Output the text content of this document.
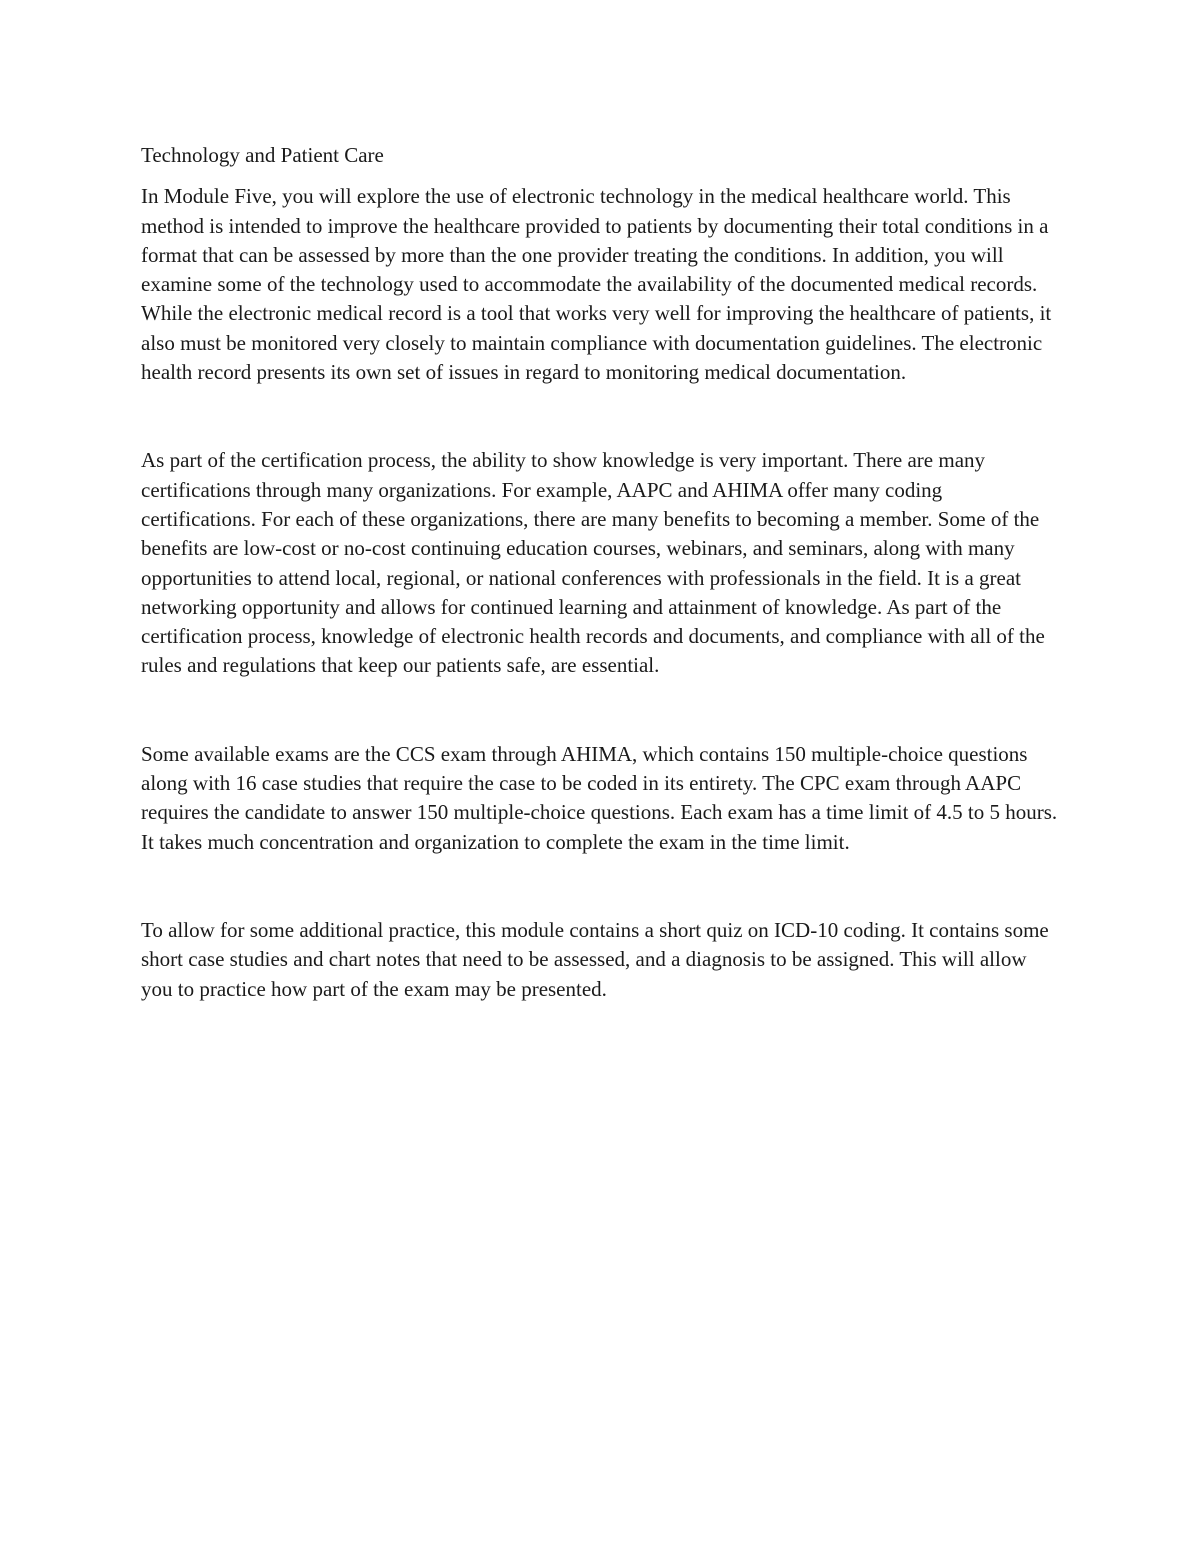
Technology and Patient Care

In Module Five, you will explore the use of electronic technology in the medical healthcare world. This method is intended to improve the healthcare provided to patients by documenting their total conditions in a format that can be assessed by more than the one provider treating the conditions. In addition, you will examine some of the technology used to accommodate the availability of the documented medical records. While the electronic medical record is a tool that works very well for improving the healthcare of patients, it also must be monitored very closely to maintain compliance with documentation guidelines. The electronic health record presents its own set of issues in regard to monitoring medical documentation.

As part of the certification process, the ability to show knowledge is very important. There are many certifications through many organizations. For example, AAPC and AHIMA offer many coding certifications. For each of these organizations, there are many benefits to becoming a member. Some of the benefits are low-cost or no-cost continuing education courses, webinars, and seminars, along with many opportunities to attend local, regional, or national conferences with professionals in the field. It is a great networking opportunity and allows for continued learning and attainment of knowledge. As part of the certification process, knowledge of electronic health records and documents, and compliance with all of the rules and regulations that keep our patients safe, are essential.

Some available exams are the CCS exam through AHIMA, which contains 150 multiple-choice questions along with 16 case studies that require the case to be coded in its entirety. The CPC exam through AAPC requires the candidate to answer 150 multiple-choice questions. Each exam has a time limit of 4.5 to 5 hours. It takes much concentration and organization to complete the exam in the time limit.

To allow for some additional practice, this module contains a short quiz on ICD-10 coding. It contains some short case studies and chart notes that need to be assessed, and a diagnosis to be assigned. This will allow you to practice how part of the exam may be presented.
